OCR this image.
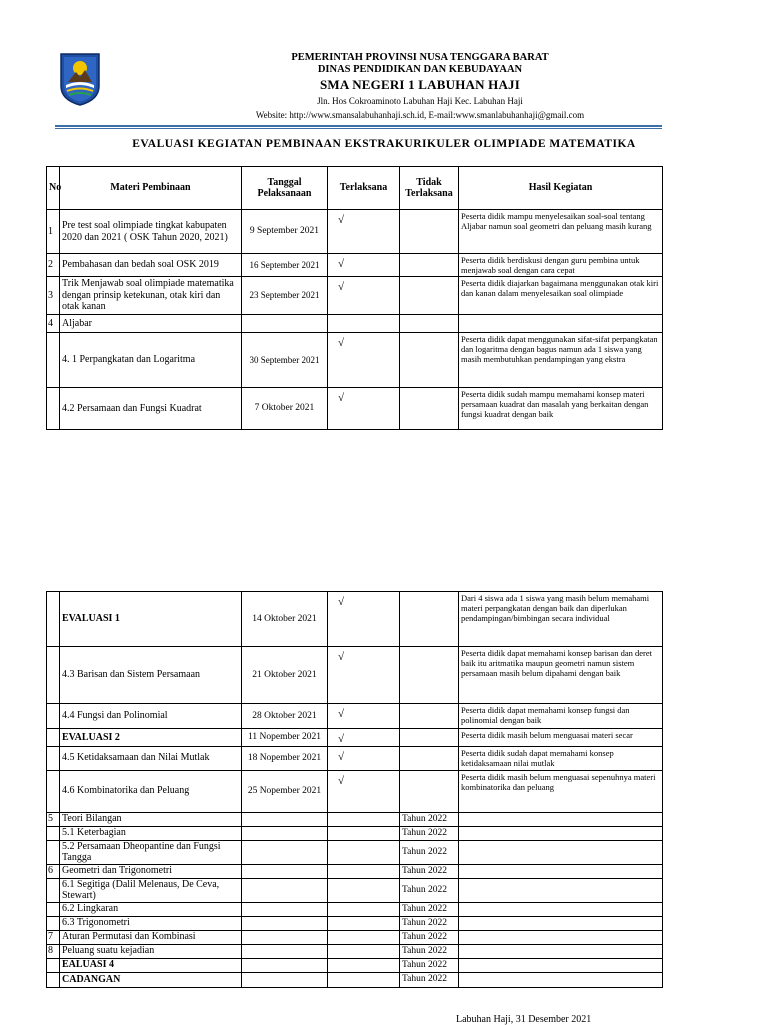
PEMERINTAH PROVINSI NUSA TENGGARA BARAT
DINAS PENDIDIKAN DAN KEBUDAYAAN
SMA NEGERI 1 LABUHAN HAJI
Jln. Hos Cokroaminoto Labuhan Haji Kec. Labuhan Haji
Website: http://www.smansalabuhanhaji.sch.id, E-mail:www.smanlabuhanhaji@gmail.com
EVALUASI KEGIATAN PEMBINAAN EKSTRAKURIKULER OLIMPIADE MATEMATIKA
No	Materi Pembinaan	Tanggal Pelaksanaan	Terlaksana	Tidak Terlaksana	Hasil Kegiatan
1	Pre test soal olimpiade tingkat kabupaten 2020 dan 2021 ( OSK Tahun 2020, 2021)	9 September 2021	√		Peserta didik mampu menyelesaikan soal-soal tentang Aljabar namun soal geometri dan peluang masih kurang
2	Pembahasan dan bedah soal OSK 2019	16 September 2021	√		Peserta didik berdiskusi dengan guru pembina untuk menjawab soal dengan cara cepat
3	Trik Menjawab soal olimpiade matematika dengan prinsip ketekunan, otak kiri dan otak kanan	23 September 2021	√		Peserta didik diajarkan bagaimana menggunakan otak kiri dan kanan dalam menyelesaikan soal olimpiade
4	Aljabar				
	4. 1 Perpangkatan dan Logaritma	30 September 2021	√		Peserta didik dapat menggunakan sifat-sifat perpangkatan dan logaritma dengan bagus namun ada 1 siswa yang masih membutuhkan pendampingan yang ekstra
	4.2 Persamaan dan Fungsi Kuadrat	7 Oktober 2021	√		Peserta didik sudah mampu memahami konsep materi persamaan kuadrat dan masalah yang berkaitan dengan fungsi kuadrat dengan baik
	EVALUASI 1	14 Oktober 2021	√		Dari 4 siswa ada 1 siswa yang masih belum memahami materi perpangkatan dengan baik dan diperlukan pendampingan/bimbingan secara individual
	4.3 Barisan dan Sistem Persamaan	21 Oktober 2021	√		Peserta didik dapat memahami konsep barisan dan deret baik itu aritmatika maupun geometri namun sistem persamaan masih belum dipahami dengan baik
	4.4 Fungsi dan Polinomial	28 Oktober 2021	√		Peserta didik dapat memahami konsep fungsi dan polinomial dengan baik
	EVALUASI 2	11 Nopember 2021	√		Peserta didik masih belum menguasai materi secar
	4.5 Ketidaksamaan dan Nilai Mutlak	18 Nopember 2021	√		Peserta didik sudah dapat memahami konsep ketidaksamaan nilai mutlak
	4.6 Kombinatorika dan Peluang	25 Nopember 2021	√		Peserta didik masih belum menguasai sepenuhnya materi kombinatorika dan peluang
5	Teori Bilangan			Tahun 2022	
	5.1 Keterbagian			Tahun 2022	
	5.2 Persamaan Dheopantine dan Fungsi Tangga			Tahun 2022	
6	Geometri dan Trigonometri			Tahun 2022	
	6.1 Segitiga (Dalil Melenaus, De Ceva, Stewart)			Tahun 2022	
	6.2 Lingkaran			Tahun 2022	
	6.3 Trigonometri			Tahun 2022	
7	Aturan Permutasi dan Kombinasi			Tahun 2022	
8	Peluang suatu kejadian			Tahun 2022	
	EALUASI 4			Tahun 2022	
	CADANGAN			Tahun 2022	
Labuhan Haji, 31 Desember 2021
